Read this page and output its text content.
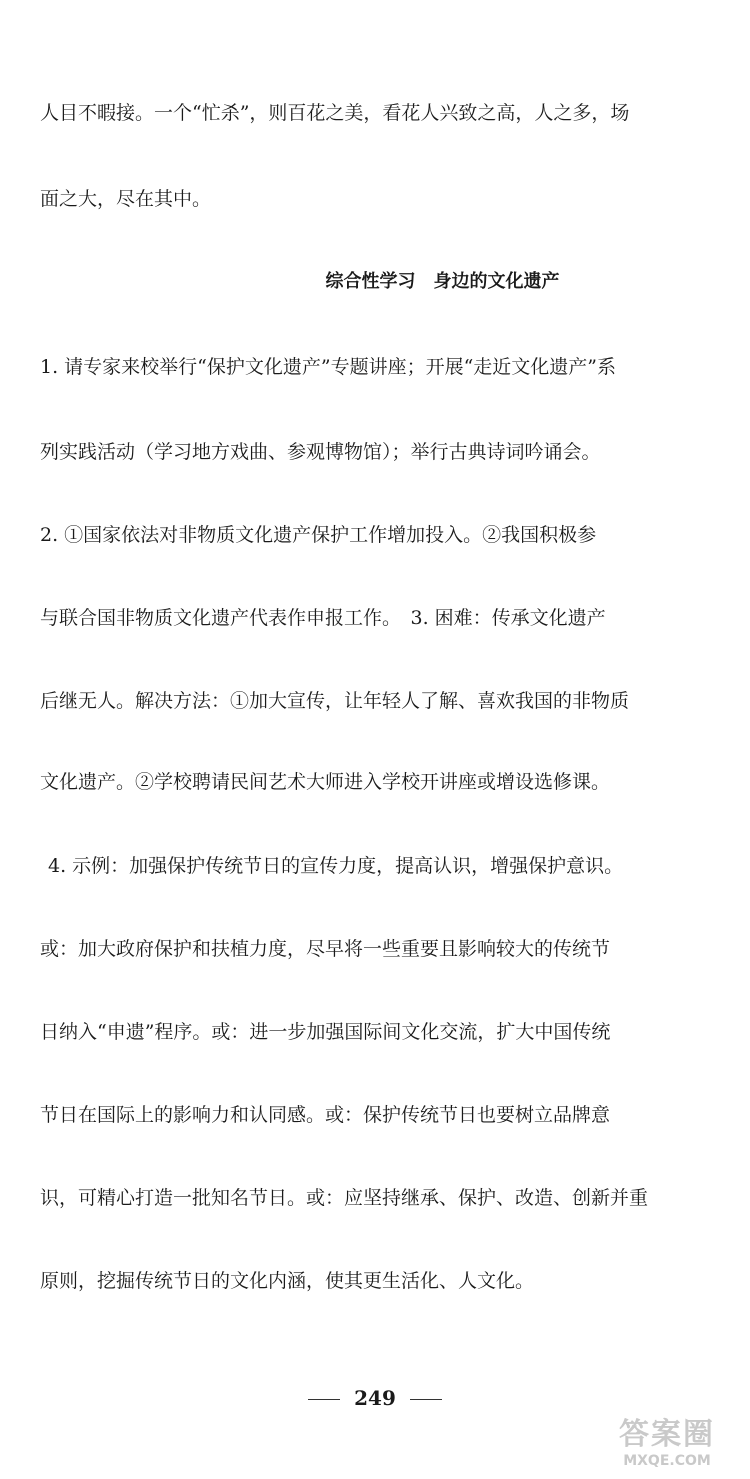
人目不暇接。一个“忙杀”，则百花之美，看花人兴致之高，人之多，场
面之大，尽在其中。
综合性学习　身边的文化遗产
1. 请专家来校举行“保护文化遗产”专题讲座；开展“走近文化遗产”系
列实践活动（学习地方戏曲、参观博物馆）；举行古典诗词吟诵会。
2. ①国家依法对非物质文化遗产保护工作增加投入。②我国积极参
与联合国非物质文化遗产代表作申报工作。　3. 困难：传承文化遗产
后继无人。解决方法：①加大宣传，让年轻人了解、喜欢我国的非物质
文化遗产。②学校聘请民间艺术大师进入学校开讲座或增设选修课。
4. 示例：加强保护传统节日的宣传力度，提高认识，增强保护意识。
或：加大政府保护和扶植力度，尽早将一些重要且影响较大的传统节
日纳入“申遗”程序。或：进一步加强国际间文化交流，扩大中国传统
节日在国际上的影响力和认同感。或：保护传统节日也要树立品牌意
识，可精心打造一批知名节日。或：应坚持继承、保护、改造、创新并重
原则，挖掘传统节日的文化内涵，使其更生活化、人文化。
249
答案圈
MXQE.COM
